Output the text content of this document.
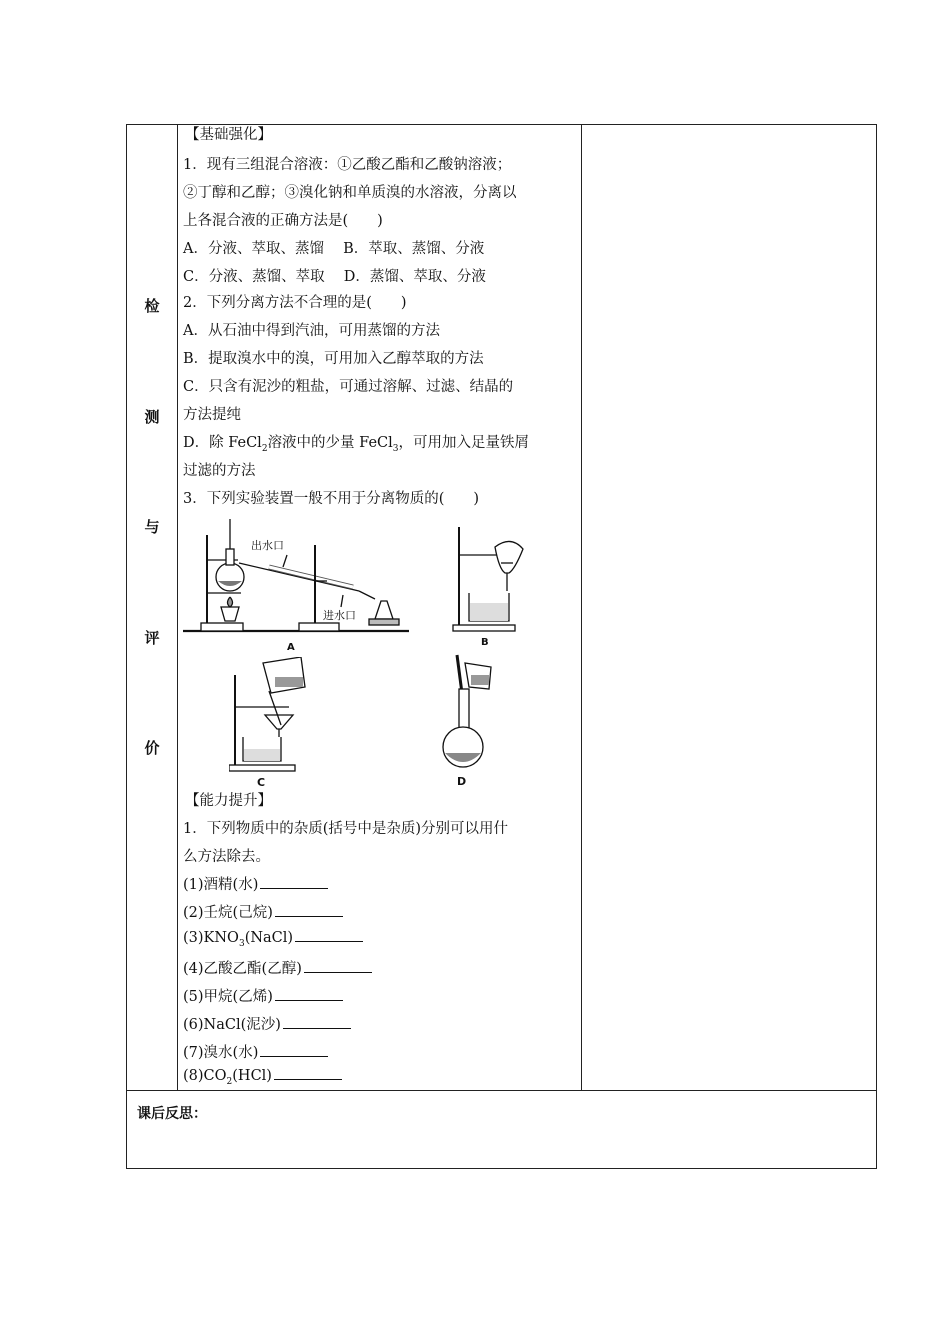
检
测
与
评
价
【基础强化】
1．现有三组混合溶液：①乙酸乙酯和乙酸钠溶液；
②丁醇和乙醇；③溴化钠和单质溴的水溶液，分离以
上各混合液的正确方法是(　　)
A．分液、萃取、蒸馏　 B．萃取、蒸馏、分液
C．分液、蒸馏、萃取　 D．蒸馏、萃取、分液
2．下列分离方法不合理的是(　　)
A．从石油中得到汽油，可用蒸馏的方法
B．提取溴水中的溴，可用加入乙醇萃取的方法
C．只含有泥沙的粗盐，可通过溶解、过滤、结晶的
方法提纯
D．除 FeCl$_2$溶液中的少量 FeCl$_3$，可用加入足量铁屑
过滤的方法
3．下列实验装置一般不用于分离物质的(　　)
出水口
进水口
A	B
C	D
【能力提升】
1．下列物质中的杂质(括号中是杂质)分别可以用什
么方法除去。
(1)酒精(水)
(2)壬烷(己烷)
$(3)KNO_3(NaCl)$
(4)乙酸乙酯(乙醇)
(5)甲烷(乙烯)
(6)NaCl(泥沙)
(7)溴水(水)
$(8)CO_2(HCl)$
课后反思：
